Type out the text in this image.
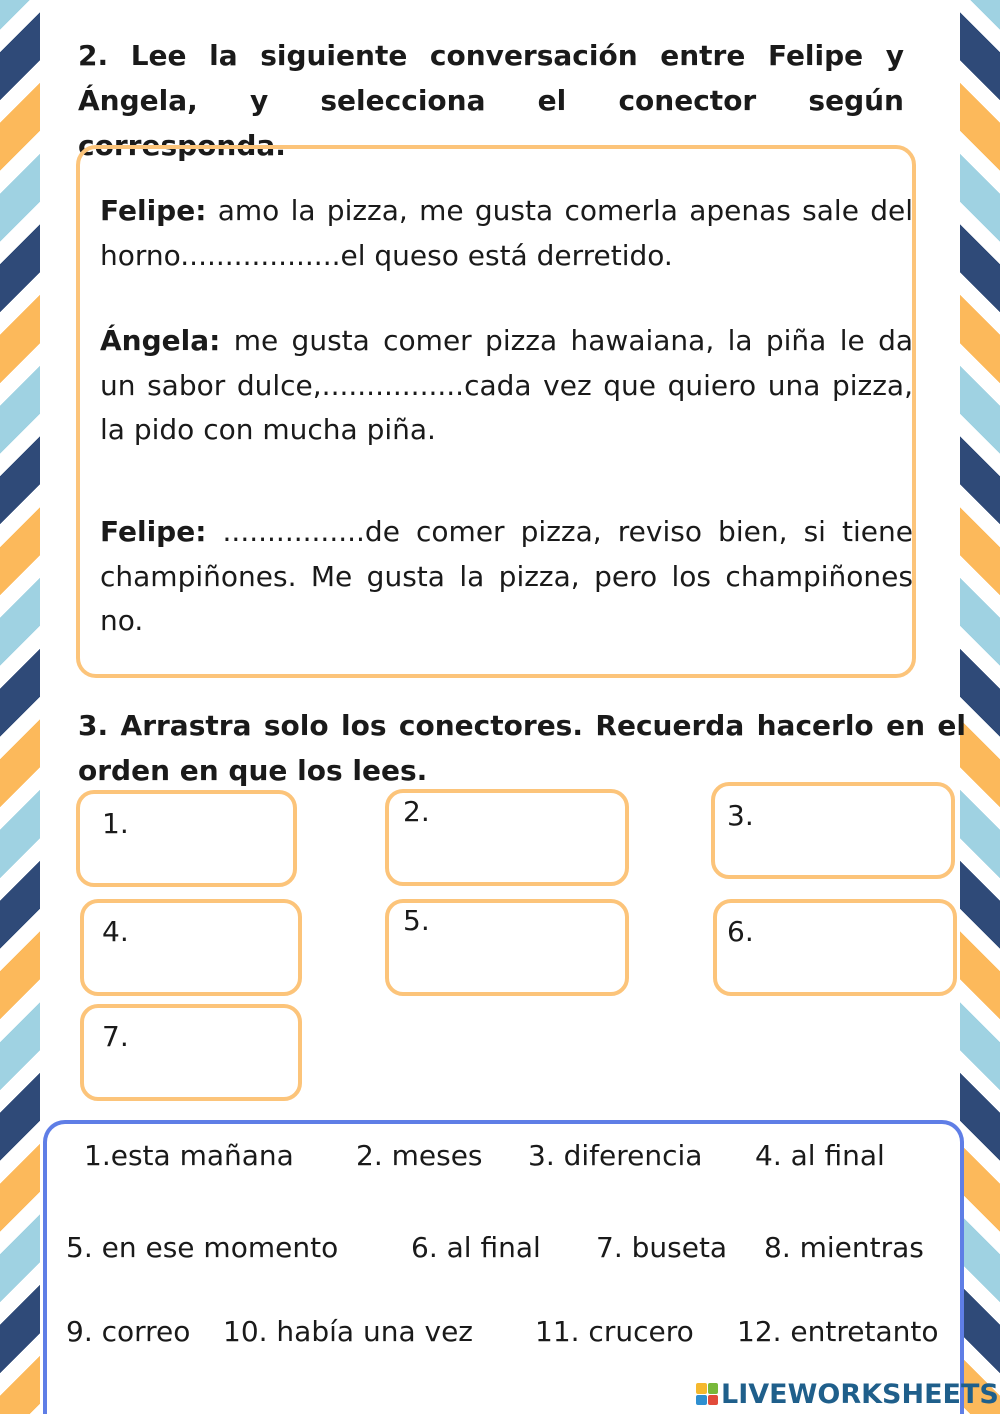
2. Lee la siguiente conversación entre Felipe y Ángela, y selecciona el conector según corresponda.

Felipe: amo la pizza, me gusta comerla apenas sale del horno..................el queso está derretido.

Ángela: me gusta comer pizza hawaiana, la piña le da un sabor dulce,................cada vez que quiero una pizza, la pido con mucha piña.

Felipe: ................de comer pizza, reviso bien, si tiene champiñones. Me gusta la pizza, pero los champiñones no.

3. Arrastra solo los conectores. Recuerda hacerlo en el orden en que los lees.

1.	2.	3.
4.	5.	6.
7.
1.esta mañana 2. meses 3. diferencia 4. al final
5. en ese momento	6. al final 7. buseta 8. mientras
9. correo 10. había una vez 11. crucero 12. entretanto
LIVEWORKSHEETS
